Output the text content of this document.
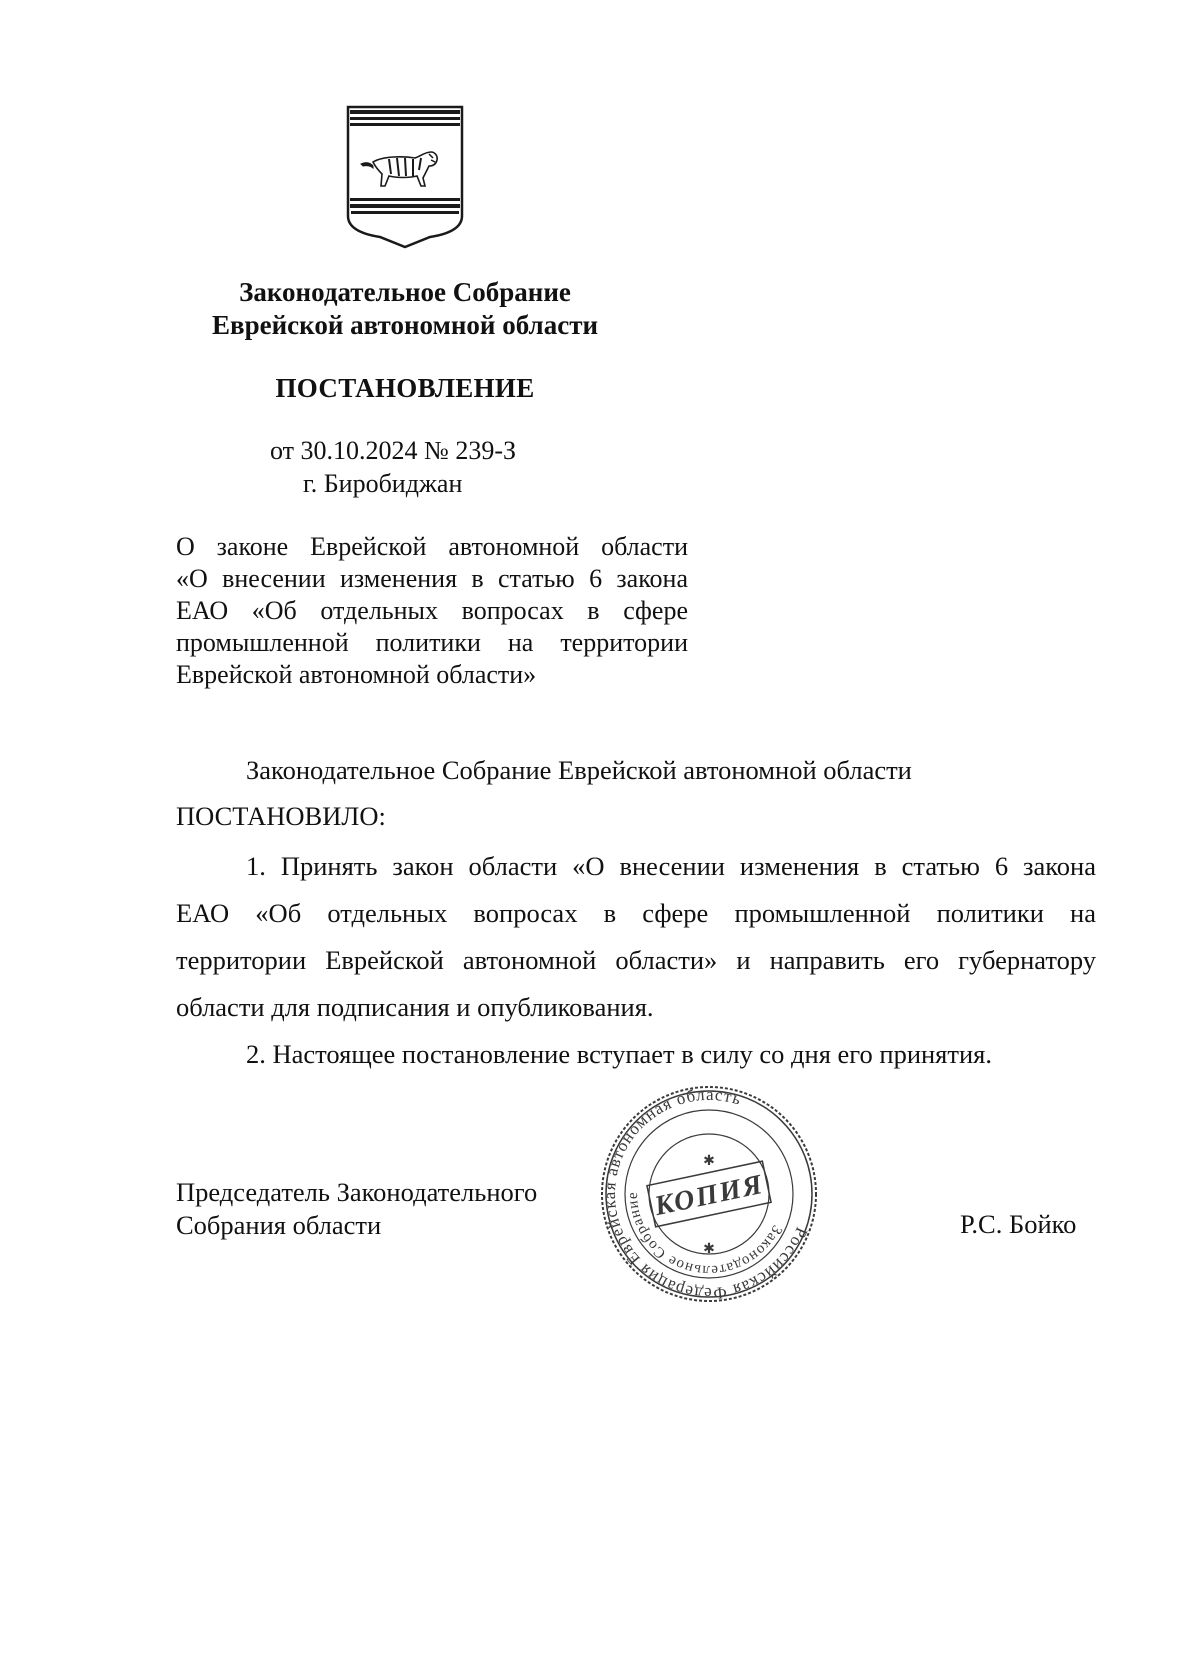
Законодательное Собрание
Еврейской автономной области
ПОСТАНОВЛЕНИЕ
от 30.10.2024 № 239-З
г. Биробиджан
О законе Еврейской автономной области
«О внесении изменения в статью 6 закона
ЕАО «Об отдельных вопросах в сфере
промышленной политики на территории
Еврейской автономной области»
Законодательное Собрание Еврейской автономной области
ПОСТАНОВИЛО:
1. Принять закон области «О внесении изменения в статью 6 закона
ЕАО «Об отдельных вопросах в сфере промышленной политики на
территории Еврейской автономной области» и направить его губернатору
области для подписания и опубликования.
2. Настоящее постановление вступает в силу со дня его принятия.
Председатель Законодательного
Собрания области	Р.С. Бойко
Российская Федерация Еврейская автономная область
Законодательное Собрание КОПИЯ
✱
✱
